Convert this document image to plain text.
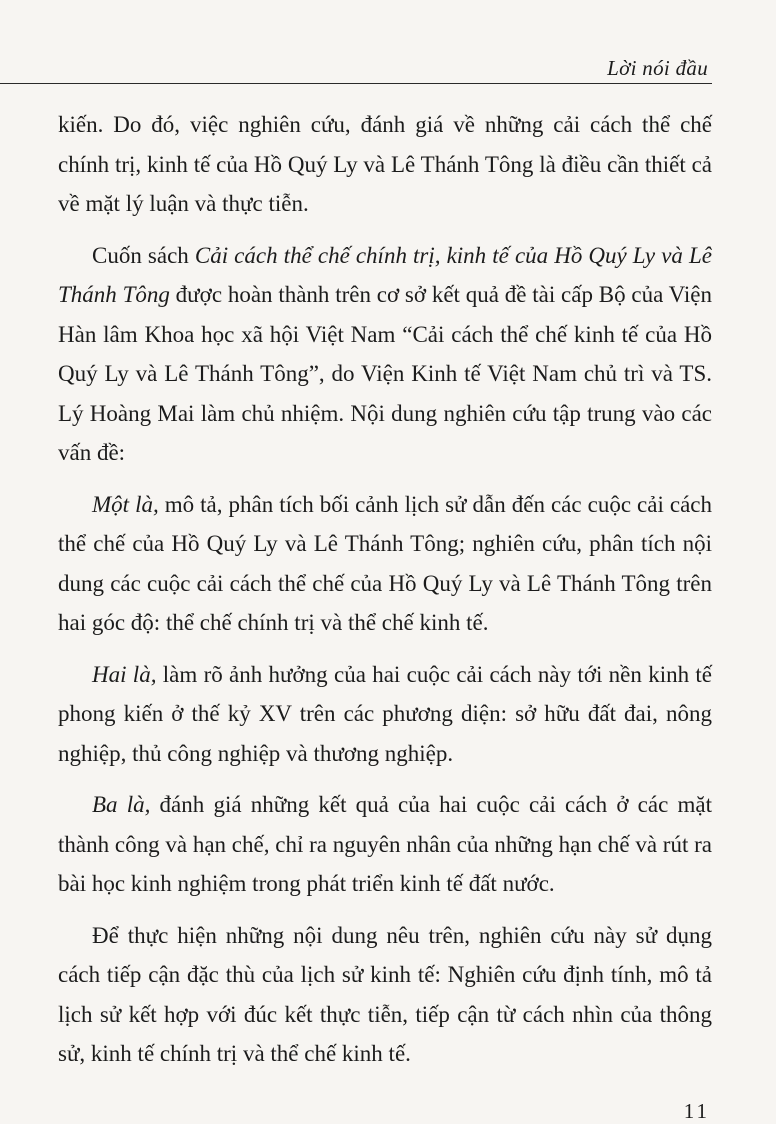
Lời nói đầu

kiến. Do đó, việc nghiên cứu, đánh giá về những cải cách thể chế chính trị, kinh tế của Hồ Quý Ly và Lê Thánh Tông là điều cần thiết cả về mặt lý luận và thực tiễn.

Cuốn sách Cải cách thể chế chính trị, kinh tế của Hồ Quý Ly và Lê Thánh Tông được hoàn thành trên cơ sở kết quả đề tài cấp Bộ của Viện Hàn lâm Khoa học xã hội Việt Nam “Cải cách thể chế kinh tế của Hồ Quý Ly và Lê Thánh Tông”, do Viện Kinh tế Việt Nam chủ trì và TS. Lý Hoàng Mai làm chủ nhiệm. Nội dung nghiên cứu tập trung vào các vấn đề:

Một là, mô tả, phân tích bối cảnh lịch sử dẫn đến các cuộc cải cách thể chế của Hồ Quý Ly và Lê Thánh Tông; nghiên cứu, phân tích nội dung các cuộc cải cách thể chế của Hồ Quý Ly và Lê Thánh Tông trên hai góc độ: thể chế chính trị và thể chế kinh tế.

Hai là, làm rõ ảnh hưởng của hai cuộc cải cách này tới nền kinh tế phong kiến ở thế kỷ XV trên các phương diện: sở hữu đất đai, nông nghiệp, thủ công nghiệp và thương nghiệp.

Ba là, đánh giá những kết quả của hai cuộc cải cách ở các mặt thành công và hạn chế, chỉ ra nguyên nhân của những hạn chế và rút ra bài học kinh nghiệm trong phát triển kinh tế đất nước.

Để thực hiện những nội dung nêu trên, nghiên cứu này sử dụng cách tiếp cận đặc thù của lịch sử kinh tế: Nghiên cứu định tính, mô tả lịch sử kết hợp với đúc kết thực tiễn, tiếp cận từ cách nhìn của thông sử, kinh tế chính trị và thể chế kinh tế.

11
